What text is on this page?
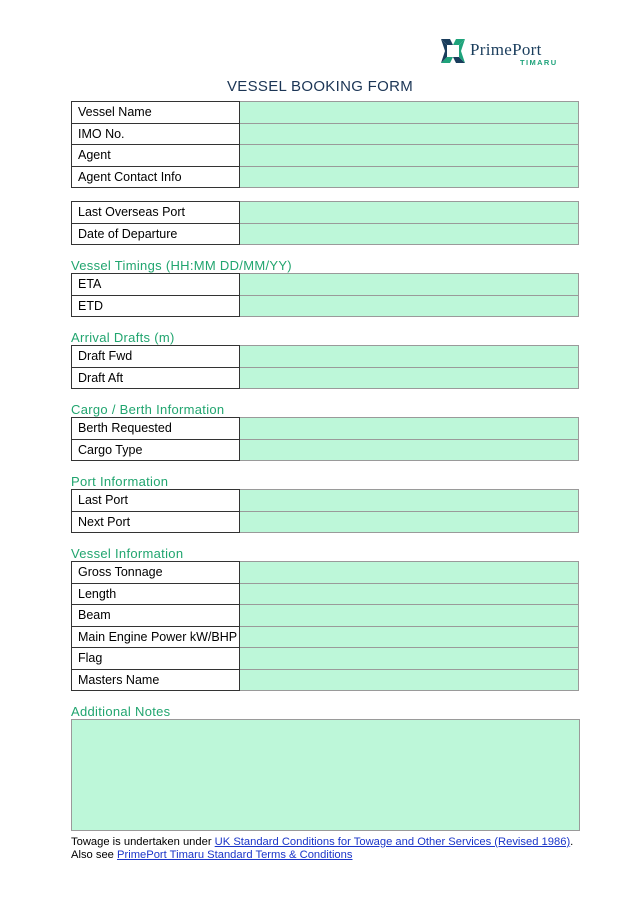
PrimePort
TIMARU
VESSEL BOOKING FORM
Vessel Name	
IMO No.	
Agent	
Agent Contact Info	
Last Overseas Port	
Date of Departure	
Vessel Timings (HH:MM DD/MM/YY)
ETA	
ETD	
Arrival Drafts (m)
Draft Fwd	
Draft Aft	
Cargo / Berth Information
Berth Requested	
Cargo Type	
Port Information
Last Port	
Next Port	
Vessel Information
Gross Tonnage	
Length	
Beam	
Main Engine Power kW/BHP	
Flag	
Masters Name	
Additional Notes
Towage is undertaken under UK Standard Conditions for Towage and Other Services (Revised 1986).
Also see PrimePort Timaru Standard Terms & Conditions
